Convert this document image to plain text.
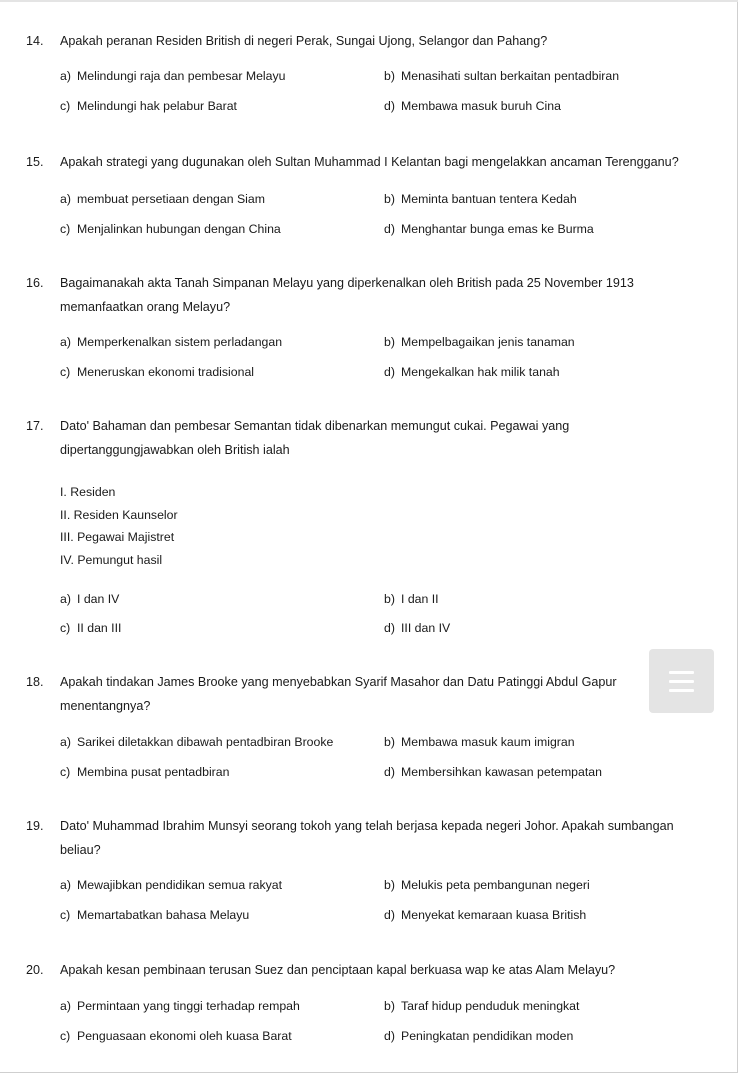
14. Apakah peranan Residen British di negeri Perak, Sungai Ujong, Selangor dan Pahang?
a) Melindungi raja dan pembesar Melayu	b) Menasihati sultan berkaitan pentadbiran
c) Melindungi hak pelabur Barat	d) Membawa masuk buruh Cina
15. Apakah strategi yang dugunakan oleh Sultan Muhammad I Kelantan bagi mengelakkan ancaman Terengganu?
a) membuat persetiaan dengan Siam	b) Meminta bantuan tentera Kedah
c) Menjalinkan hubungan dengan China	d) Menghantar bunga emas ke Burma
16. Bagaimanakah akta Tanah Simpanan Melayu yang diperkenalkan oleh British pada 25 November 1913
memanfaatkan orang Melayu?
a) Memperkenalkan sistem perladangan	b) Mempelbagaikan jenis tanaman
c) Meneruskan ekonomi tradisional	d) Mengekalkan hak milik tanah
17. Dato' Bahaman dan pembesar Semantan tidak dibenarkan memungut cukai. Pegawai yang
dipertanggungjawabkan oleh British ialah
I. Residen
II. Residen Kaunselor
III. Pegawai Majistret
IV. Pemungut hasil
a) I dan IV	b) I dan II
c) II dan III	d) III dan IV
18. Apakah tindakan James Brooke yang menyebabkan Syarif Masahor dan Datu Patinggi Abdul Gapur
menentangnya?
a) Sarikei diletakkan dibawah pentadbiran Brooke	b) Membawa masuk kaum imigran
c) Membina pusat pentadbiran	d) Membersihkan kawasan petempatan
19. Dato' Muhammad Ibrahim Munsyi seorang tokoh yang telah berjasa kepada negeri Johor. Apakah sumbangan
beliau?
a) Mewajibkan pendidikan semua rakyat	b) Melukis peta pembangunan negeri
c) Memartabatkan bahasa Melayu	d) Menyekat kemaraan kuasa British
20. Apakah kesan pembinaan terusan Suez dan penciptaan kapal berkuasa wap ke atas Alam Melayu?
a) Permintaan yang tinggi terhadap rempah	b) Taraf hidup penduduk meningkat
c) Penguasaan ekonomi oleh kuasa Barat	d) Peningkatan pendidikan moden
